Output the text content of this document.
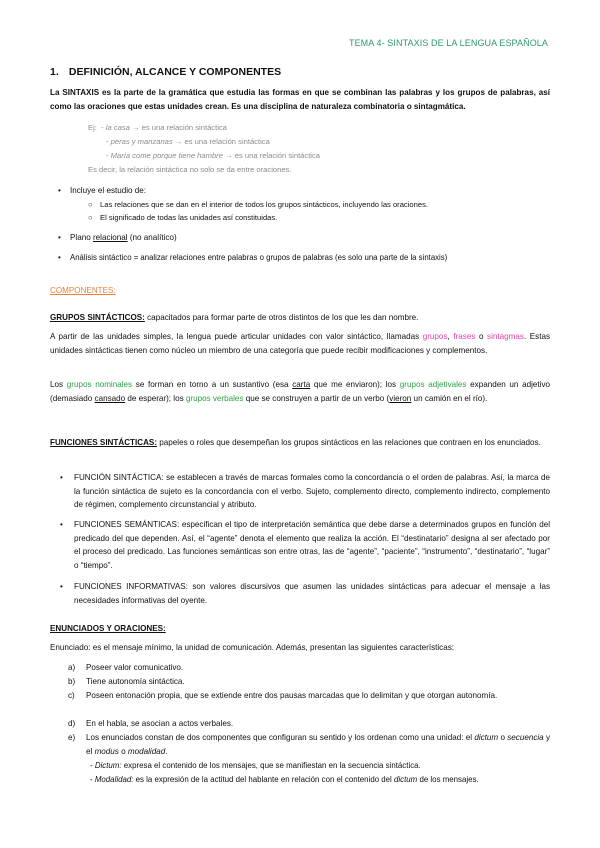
TEMA 4- SINTAXIS DE LA LENGUA ESPAÑOLA
1. DEFINICIÓN, ALCANCE Y COMPONENTES
La SINTAXIS es la parte de la gramática que estudia las formas en que se combinan las palabras y los grupos de palabras, así como las oraciones que estas unidades crean. Es una disciplina de naturaleza combinatoria o sintagmática.
Ej: - la casa → es una relación sintáctica
- peras y manzanas → es una relación sintáctica
- María come porque tiene hambre → es una relación sintáctica
Es decir, la relación sintáctica no solo se da entre oraciones.
• Incluye el estudio de:
○ Las relaciones que se dan en el interior de todos los grupos sintácticos, incluyendo las oraciones.
○ El significado de todas las unidades así constituidas.
• Plano relacional (no analítico)
• Análisis sintáctico = analizar relaciones entre palabras o grupos de palabras (es solo una parte de la sintaxis)
COMPONENTES:
GRUPOS SINTÁCTICOS: capacitados para formar parte de otros distintos de los que les dan nombre.
A partir de las unidades simples, la lengua puede articular unidades con valor sintáctico, llamadas grupos, frases o sintagmas. Estas unidades sintácticas tienen como núcleo un miembro de una categoría que puede recibir modificaciones y complementos.
Los grupos nominales se forman en torno a un sustantivo (esa carta que me enviaron); los grupos adjetivales expanden un adjetivo (demasiado cansado de esperar); los grupos verbales que se construyen a partir de un verbo (vieron un camión en el río).
FUNCIONES SINTÁCTICAS: papeles o roles que desempeñan los grupos sintácticos en las relaciones que contraen en los enunciados.
• FUNCIÓN SINTÁCTICA: se establecen a través de marcas formales como la concordancia o el orden de palabras. Así, la marca de la función sintáctica de sujeto es la concordancia con el verbo. Sujeto, complemento directo, complemento indirecto, complemento de régimen, complemento circunstancial y atributo.
• FUNCIONES SEMÁNTICAS: especifican el tipo de interpretación semántica que debe darse a determinados grupos en función del predicado del que dependen. Así, el “agente” denota el elemento que realiza la acción. El “destinatario” designa al ser afectado por el proceso del predicado. Las funciones semánticas son entre otras, las de “agente”, “paciente”, “instrumento”, “destinatario”, “lugar” o “tiempo”.
• FUNCIONES INFORMATIVAS: son valores discursivos que asumen las unidades sintácticas para adecuar el mensaje a las necesidades informativas del oyente.
ENUNCIADOS Y ORACIONES:
Enunciado: es el mensaje mínimo, la unidad de comunicación. Además, presentan las siguientes características:
a) Poseer valor comunicativo.
b) Tiene autonomía sintáctica.
c) Poseen entonación propia, que se extiende entre dos pausas marcadas que lo delimitan y que otorgan autonomía.
d) En el habla, se asocian a actos verbales.
e) Los enunciados constan de dos componentes que configuran su sentido y los ordenan como una unidad: el dictum o secuencia y el modus o modalidad.
- Dictum: expresa el contenido de los mensajes, que se manifiestan en la secuencia sintáctica.
- Modalidad: es la expresión de la actitud del hablante en relación con el contenido del dictum de los mensajes.
